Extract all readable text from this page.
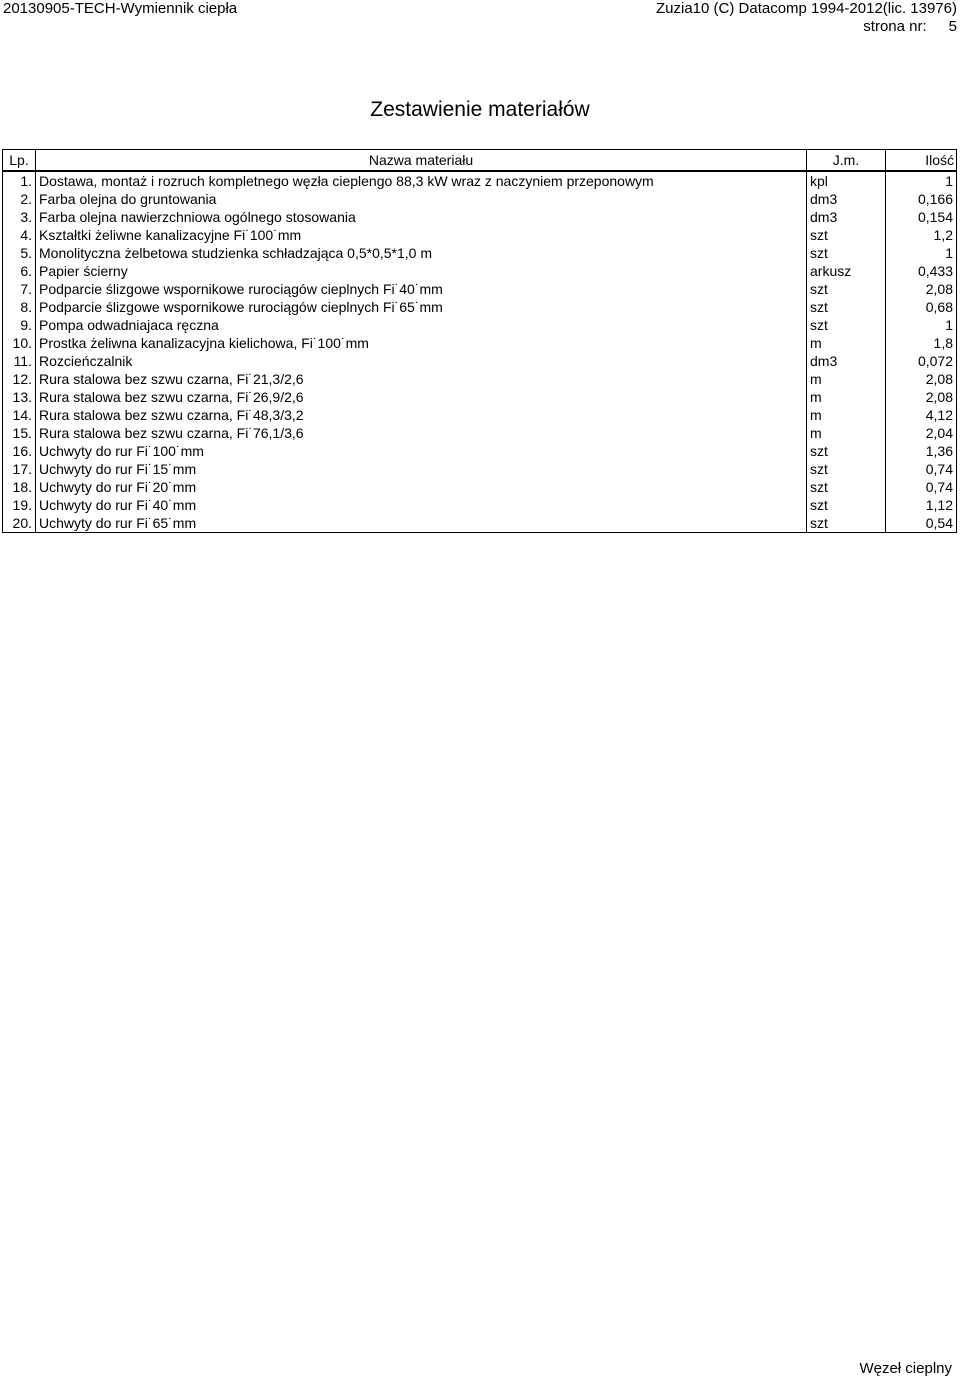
20130905-TECH-Wymiennik ciepła	Zuzia10 (C) Datacomp 1994-2012(lic. 13976)
strona nr: 5
Zestawienie materiałów
Lp.	Nazwa materiału	J.m.	Ilość
1.	Dostawa, montaż i rozruch kompletnego węzła cieplengo 88,3 kW wraz z naczyniem przeponowym	kpl	1
2.	Farba olejna do gruntowania	dm3	0,166
3.	Farba olejna nawierzchniowa ogólnego stosowania	dm3	0,154
4.	Kształtki żeliwne kanalizacyjne Fi˙100˙mm	szt	1,2
5.	Monolityczna żelbetowa studzienka schładzająca 0,5*0,5*1,0 m	szt	1
6.	Papier ścierny	arkusz	0,433
7.	Podparcie ślizgowe wspornikowe rurociągów cieplnych Fi˙40˙mm	szt	2,08
8.	Podparcie ślizgowe wspornikowe rurociągów cieplnych Fi˙65˙mm	szt	0,68
9.	Pompa odwadniajaca ręczna	szt	1
10.	Prostka żeliwna kanalizacyjna kielichowa, Fi˙100˙mm	m	1,8
11.	Rozcieńczalnik	dm3	0,072
12.	Rura stalowa bez szwu czarna, Fi˙21,3/2,6	m	2,08
13.	Rura stalowa bez szwu czarna, Fi˙26,9/2,6	m	2,08
14.	Rura stalowa bez szwu czarna, Fi˙48,3/3,2	m	4,12
15.	Rura stalowa bez szwu czarna, Fi˙76,1/3,6	m	2,04
16.	Uchwyty do rur Fi˙100˙mm	szt	1,36
17.	Uchwyty do rur Fi˙15˙mm	szt	0,74
18.	Uchwyty do rur Fi˙20˙mm	szt	0,74
19.	Uchwyty do rur Fi˙40˙mm	szt	1,12
20.	Uchwyty do rur Fi˙65˙mm	szt	0,54
Węzeł cieplny
